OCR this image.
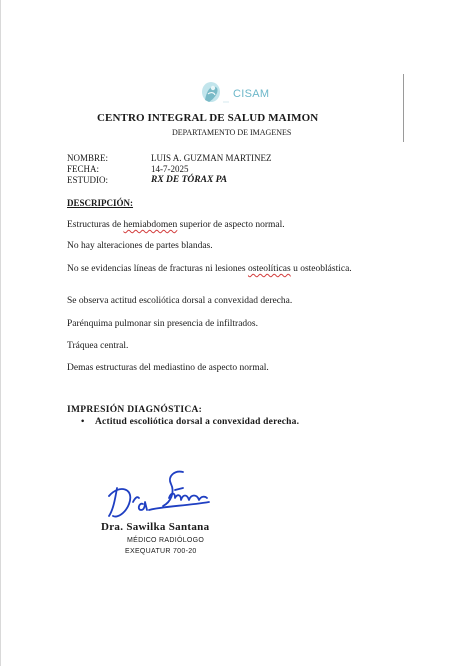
CISAM
CENTRO INTEGRAL DE SALUD MAIMON
DEPARTAMENTO DE IMAGENES
NOMBRE:	LUIS A. GUZMAN MARTINEZ
FECHA:	14-7-2025
ESTUDIO:	RX DE TÓRAX PA
DESCRIPCIÓN:
Estructuras de hemiabdomen superior de aspecto normal.
No hay alteraciones de partes blandas.
No se evidencias líneas de fracturas ni lesiones osteolíticas u osteoblástica.
Se observa actitud escoliótica dorsal a convexidad derecha.
Parénquima pulmonar sin presencia de infiltrados.
Tráquea central.
Demas estructuras del mediastino de aspecto normal.
IMPRESIÓN DIAGNÓSTICA:
• Actitud escoliótica dorsal a convexidad derecha.
Dra. Sawilka Santana
MÉDICO RADIÓLOGO
EXEQUATUR 700-20
